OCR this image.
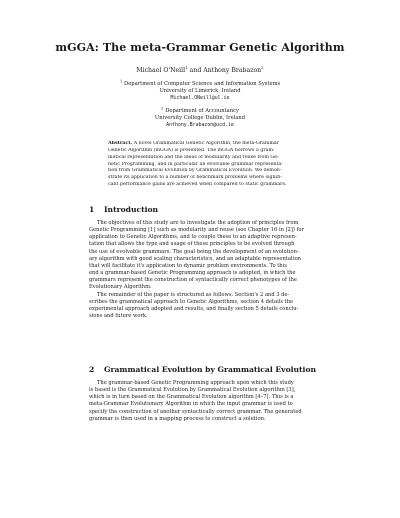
mGGA: The meta-Grammar Genetic Algorithm
Michael O'Neill$^1$ and Anthony Brabazon$^2$
$^1$ Department of Computer Science and Information Systems
University of Limerick, Ireland
Michael.ONeill@ul.ie
$^2$ Department of Accountancy
University College Dublin, Ireland
Anthony.Brabazon@ucd.ie
Abstract. A novel Grammatical Genetic Algorithm, the meta-Grammar
Genetic Algorithm (mGGA) is presented. The mGGA borrows a gram-
matical representation and the ideas of modularity and reuse from Ge-
netic Programming, and in particular an evolvable grammar representa-
tion from Grammatical Evolution by Grammatical Evolution. We demon-
strate its application to a number of benchmark problems where signifi-
cant performance gains are achieved when compared to static grammars.
1 Introduction
The objectives of this study are to investigate the adoption of principles from
Genetic Programming [1] such as modularity and reuse (see Chapter 16 in [2]) for
application to Genetic Algorithms, and to couple these to an adaptive represen-
tation that allows the type and usage of these principles to be evolved through
the use of evolvable grammars. The goal being the development of an evolution-
ary algorithm with good scaling characteristics, and an adaptable representation
that will facilitate it's application to dynamic problem environments. To this
end a grammar-based Genetic Programming approach is adopted, in which the
grammars represent the construction of syntactically correct phenotypes of the
Evolutionary Algorithm.
The remainder of the paper is structured as follows. Section's 2 and 3 de-
scribes the grammatical approach to Genetic Algorithms, section 4 details the
experimental approach adopted and results, and finally section 5 details conclu-
sions and future work.
2 Grammatical Evolution by Grammatical Evolution
The grammar-based Genetic Programming approach upon which this study
is based is the Grammatical Evolution by Grammatical Evolution algorithm [3],
which is in turn based on the Grammatical Evolution algorithm [4–7]. This is a
meta-Grammar Evolutionary Algorithm in which the input grammar is used to
specify the construction of another syntactically correct grammar. The generated
grammar is then used in a mapping process to construct a solution.
